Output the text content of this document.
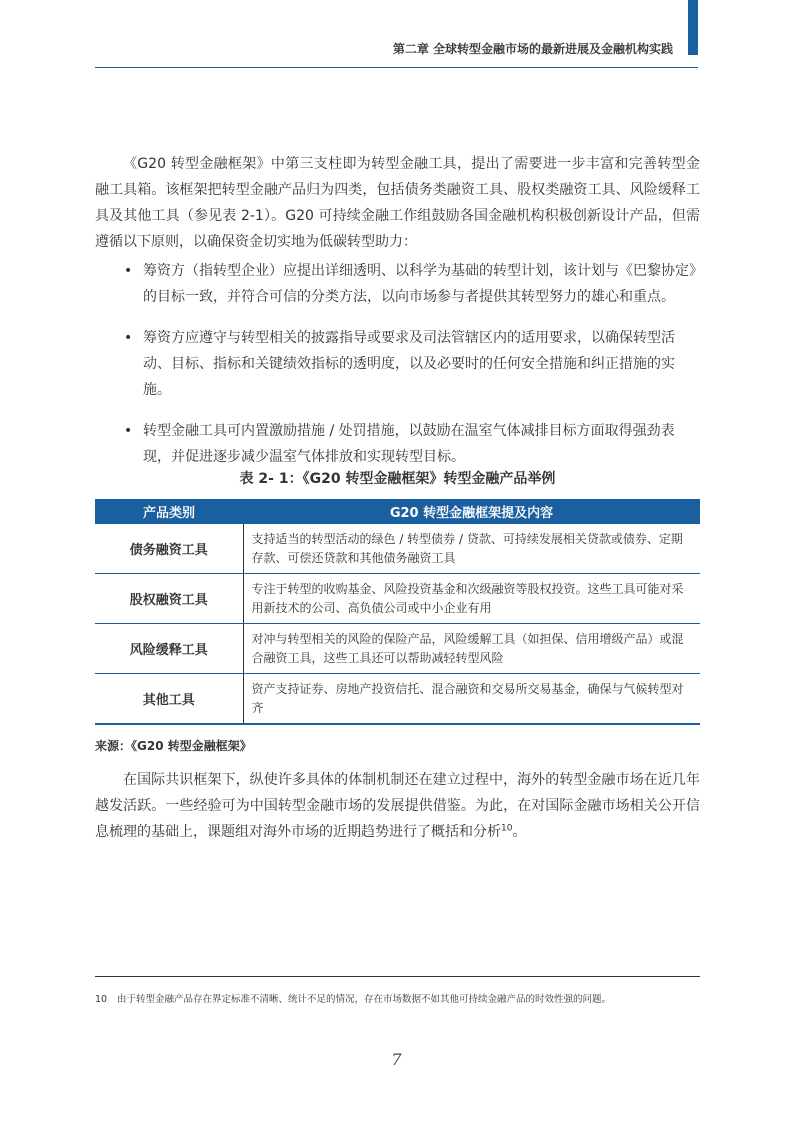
第二章 全球转型金融市场的最新进展及金融机构实践
《G20 转型金融框架》中第三支柱即为转型金融工具，提出了需要进一步丰富和完善转型金融工具箱。该框架把转型金融产品归为四类，包括债务类融资工具、股权类融资工具、风险缓释工具及其他工具（参见表 2-1）。G20 可持续金融工作组鼓励各国金融机构积极创新设计产品，但需遵循以下原则，以确保资金切实地为低碳转型助力：
• 筹资方（指转型企业）应提出详细透明、以科学为基础的转型计划，该计划与《巴黎协定》的目标一致，并符合可信的分类方法，以向市场参与者提供其转型努力的雄心和重点。
• 筹资方应遵守与转型相关的披露指导或要求及司法管辖区内的适用要求，以确保转型活动、目标、指标和关键绩效指标的透明度，以及必要时的任何安全措施和纠正措施的实施。
• 转型金融工具可内置激励措施 / 处罚措施，以鼓励在温室气体减排目标方面取得强劲表现，并促进逐步减少温室气体排放和实现转型目标。
表 2- 1：《G20 转型金融框架》转型金融产品举例
产品类别	G20 转型金融框架提及内容
债务融资工具	支持适当的转型活动的绿色 / 转型债券 / 贷款、可持续发展相关贷款或债券、定期存款、可偿还贷款和其他债务融资工具
股权融资工具	专注于转型的收购基金、风险投资基金和次级融资等股权投资。这些工具可能对采用新技术的公司、高负债公司或中小企业有用
风险缓释工具	对冲与转型相关的风险的保险产品，风险缓解工具（如担保、信用增级产品）或混合融资工具，这些工具还可以帮助减轻转型风险
其他工具	资产支持证券、房地产投资信托、混合融资和交易所交易基金，确保与气候转型对齐
来源：《G20 转型金融框架》
在国际共识框架下，纵使许多具体的体制机制还在建立过程中，海外的转型金融市场在近几年越发活跃。一些经验可为中国转型金融市场的发展提供借鉴。为此，在对国际金融市场相关公开信息梳理的基础上，课题组对海外市场的近期趋势进行了概括和分析$^{10}$。
10 由于转型金融产品存在界定标准不清晰、统计不足的情况，存在市场数据不如其他可持续金融产品的时效性强的问题。
7
